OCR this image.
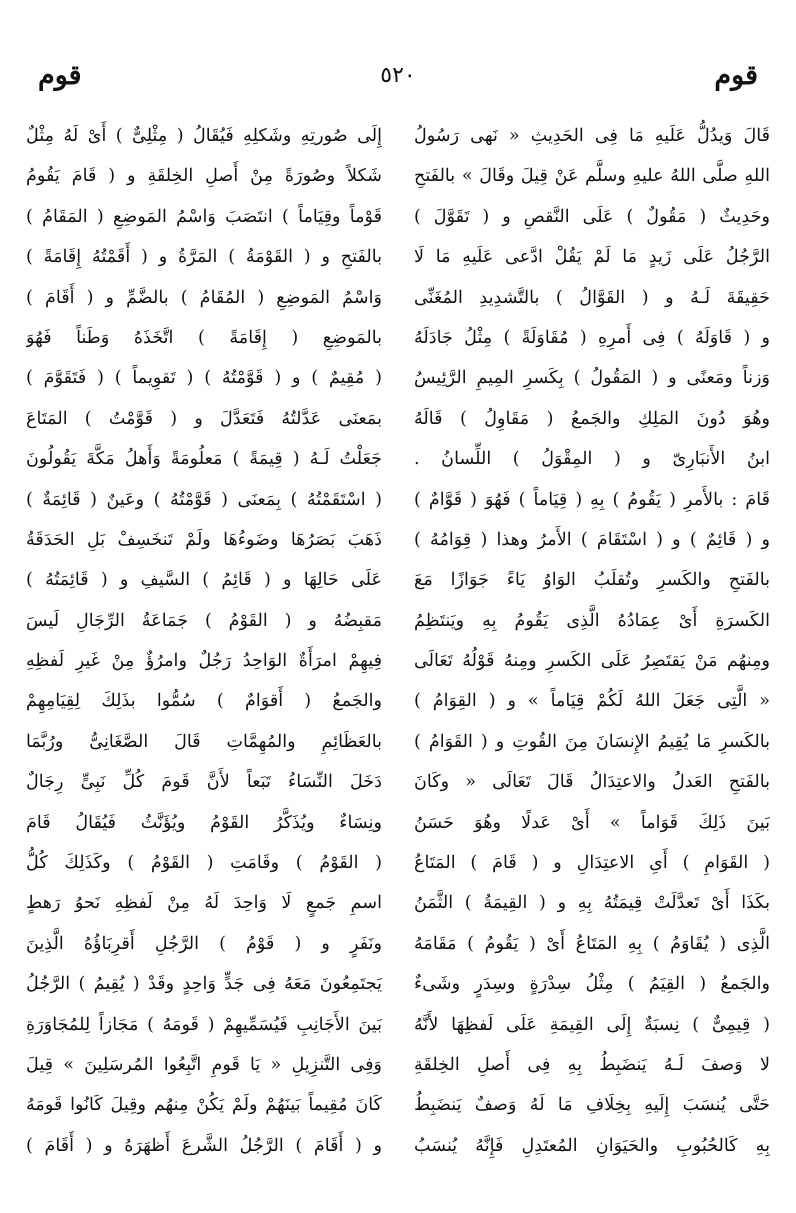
قوم
٥٢٠
قوم
قَالَ وَيدُلُّ عَلَيهِ مَا فِى الحَدِيثِ « نَهى رَسُولُ
اللهِ صلَّى اللهُ عليهِ وسلَّم عَنْ قِيلَ وقَالَ » بالفَتحِ
وحَدِيثٌ ( مَقُولٌ ) عَلَى النَّقصِ و ( تَقَوَّلَ )
الرَّجُلُ عَلَى زَيدٍ مَا لَمْ يَقُلْ ادَّعى عَلَيهِ مَا لَا
حَقِيقَةَ لَـهُ و ( القَوَّالُ ) بالتَّشدِيدِ المُغَنِّى
و ( قَاوَلَهُ ) فِى أَمرِهِ ( مُقَاوَلَةً ) مِثْلُ جَادَلَهُ
وَزناً ومَعنًى و ( المَقُولُ ) بِكَسرِ المِيمِ الرَّئِيسُ
وهُوَ دُونَ المَلِكِ والجَمعُ ( مَقَاوِلُ ) قَالَهُ
ابنُ الأَنبَارِىّ و ( المِقْوَلُ ) اللِّسانُ .
قَامَ : بالأَمرِ ( يَقُومُ ) بِهِ ( قِيَاماً ) فَهُوَ ( قَوَّامٌ )
و ( قَائِمٌ ) و ( اسْتَقَامَ ) الأَمرُ وهذا ( قِوَامُهُ )
بالفَتحِ والكَسرِ وتُقلَبُ الوَاوُ يَاءً جَوَازًا مَعَ
الكَسرَةِ أَىْ عِمَادُهُ الَّذِى يَقُومُ بِهِ ويَنتَظِمُ
ومِنهُم مَنْ يَقتَصِرُ عَلَى الكَسرِ ومِنهُ قَوْلُهُ تَعَالَى
« الَّتِى جَعَلَ اللهُ لَكُمْ قِيَاماً » و ( القِوَامُ )
بالكَسرِ مَا يُقِيمُ الإِنسَانَ مِنَ القُوتِ و ( القَوَامُ )
بالفَتحِ العَدلُ والاعتِدَالُ قَالَ تَعَالَى « وكَانَ
بَينَ ذَلِكَ قَوَاماً » أَىْ عَدلًا وهُوَ حَسَنُ
( القَوَامِ ) أَىِ الاعتِدَالِ و ( قَامَ ) المَتَاعُ
بكَذَا أَىْ تَعدَّلَتْ قِيمَتُهُ بِهِ و ( القِيمَةُ ) الثَّمَنُ
الَّذِى ( يُقَاوَمُ ) بِهِ المَتَاعُ أَىْ ( يَقُومُ ) مَقَامَهُ
والجَمعُ ( القِيَمُ ) مِثْلُ سِدْرَةٍ وسِدَرٍ وشَىءٌ
( قِيمِىٌّ ) نِسبَةٌ إِلَى القِيمَةِ عَلَى لَفظِهَا لأَنَّهُ
لا وَصفَ لَـهُ يَنضَبِطُ بِهِ فِى أَصلِ الخِلقَةِ
حَتَّى يُنسَبَ إِلَيهِ بِخِلَافِ مَا لَهُ وَصفٌ يَنضَبِطُ
بِهِ كَالحُبُوبِ والحَيَوَانِ المُعتَدِلِ فَإِنَّهُ يُنسَبُ
إِلَى صُورتِهِ وشَكلِهِ فَيُقَالُ ( مِثْلِىٌّ ) أَىْ لَهُ مِثْلٌ
شَكلاً وصُورَةً مِنْ أَصلِ الخِلقَةِ و ( قَامَ يَقُومُ
قَوْماً وقِيَاماً ) انتَصَبَ وَاسْمُ المَوضِعِ ( المَقَامُ )
بالفَتحِ و ( القَوْمَةُ ) المَرَّةُ و ( أَقَمْتُهُ إِقَامَةً )
وَاسْمُ المَوضِعِ ( المُقَامُ ) بالضَّمِّ و ( أَقَامَ )
بالمَوضِعِ ( إِقَامَةً ) اتَّخَذَهُ وَطَناً فَهُوَ
( مُقِيمٌ ) و ( قَوَّمْتُهُ ) ( تَقوِيماً ) ( فَتَقَوَّمَ )
بمَعنَى عَدَّلتُهُ فَتَعَدَّلَ و ( قَوَّمْتُ ) المَتَاعَ
جَعَلْتُ لَـهُ ( قِيمَةً ) مَعلُومَةً وَأَهلُ مَكَّةَ يَقُولُونَ
( اسْتَقَمْتُهُ ) بِمَعنَى ( قَوَّمْتُهُ ) وعَينٌ ( قَائِمَةٌ )
ذَهَبَ بَصَرُهَا وضَوءُهَا ولَمْ تَنخَسِفْ بَلِ الحَدَقَةُ
عَلَى حَالِهَا و ( قَائِمُ ) السَّيفِ و ( قَائِمَتُهُ )
مَقبِضُهُ و ( القَوْمُ ) جَمَاعَةُ الرِّجَالِ لَيسَ
فِيهِمْ امرَأَةٌ الوَاحِدُ رَجُلٌ وامرُؤٌ مِنْ غَيرِ لَفظِهِ
والجَمعُ ( أَقوَامٌ ) سُمُّوا بذَلِكَ لِقِيَامِهِمْ
بالعَظَائِمِ والمُهِمَّاتِ قَالَ الصَّغَانِىُّ ورُبَّمَا
دَخَلَ النِّسَاءُ تَبَعاً لأَنَّ قَومَ كُلِّ نَبِىٍّ رِجَالٌ
ونِسَاءٌ ويُذَكَّرُ القَوْمُ ويُؤَنَّثُ فَيُقَالُ قَامَ
( القَوْمُ ) وقَامَتِ ( القَوْمُ ) وكَذَلِكَ كُلُّ
اسمِ جَمعٍ لَا وَاحِدَ لَهُ مِنْ لَفظِهِ نَحوُ رَهطٍ
ونَفَرٍ و ( قَوْمُ ) الرَّجُلِ أَقرِبَاؤُهُ الَّذِينَ
يَجتَمِعُونَ مَعَهُ فِى جَدٍّ وَاحِدٍ وقَدْ ( يُقِيمُ ) الرَّجُلُ
بَينَ الأَجَانِبِ فَيُسَمِّيهِمْ ( قَومَهُ ) مَجَازاً لِلمُجَاوَرَةِ
وَفِى التَّنزِيلِ « يَا قَومِ اتَّبِعُوا المُرسَلِينَ » قِيلَ
كَانَ مُقِيماً بَينَهُمْ ولَمْ يَكُنْ مِنهُم وقِيلَ كَانُوا قَومَهُ
و ( أَقَامَ ) الرَّجُلُ الشَّرعَ أَظهَرَهُ و ( أَقَامَ )
